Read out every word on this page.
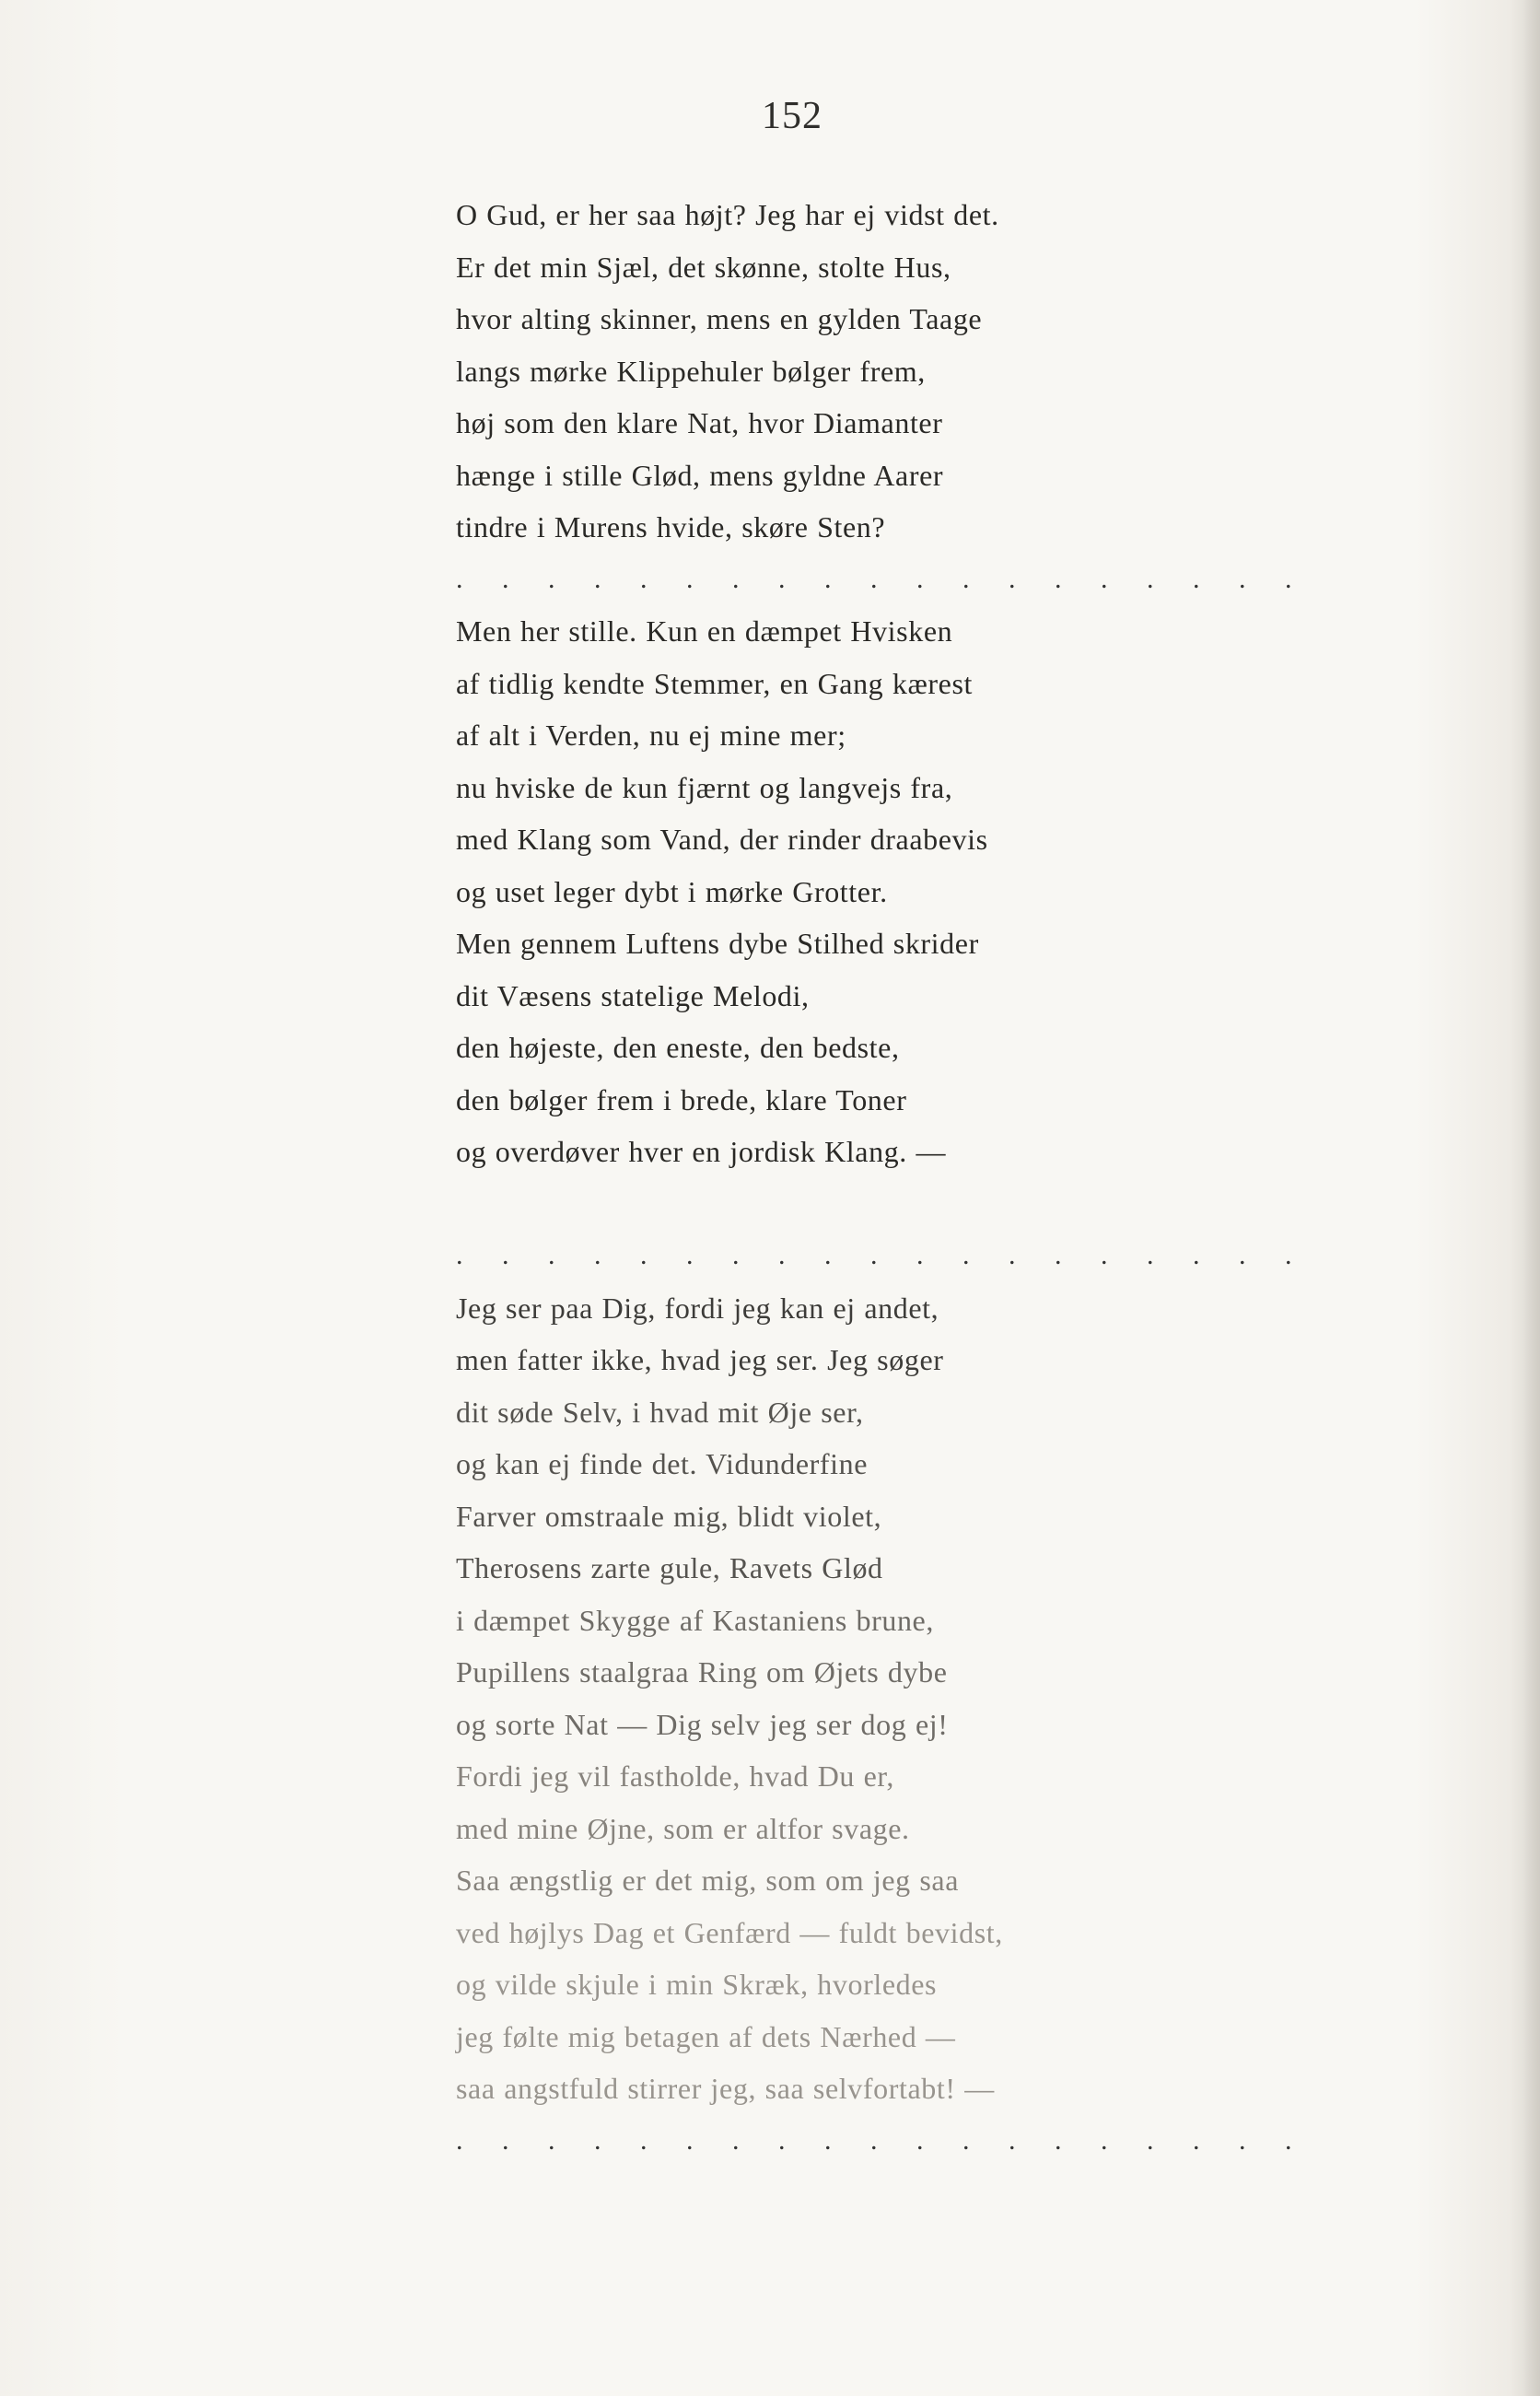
152
O Gud, er her saa højt? Jeg har ej vidst det.
Er det min Sjæl, det skønne, stolte Hus,
hvor alting skinner, mens en gylden Taage
langs mørke Klippehuler bølger frem,
høj som den klare Nat, hvor Diamanter
hænge i stille Glød, mens gyldne Aarer
tindre i Murens hvide, skøre Sten?
. . . . . . . . . . . . . . . . . . .
Men her stille. Kun en dæmpet Hvisken
af tidlig kendte Stemmer, en Gang kærest
af alt i Verden, nu ej mine mer;
nu hviske de kun fjærnt og langvejs fra,
med Klang som Vand, der rinder draabevis
og uset leger dybt i mørke Grotter.
Men gennem Luftens dybe Stilhed skrider
dit Væsens statelige Melodi,
den højeste, den eneste, den bedste,
den bølger frem i brede, klare Toner
og overdøver hver en jordisk Klang. —
. . . . . . . . . . . . . . . . . . .
Jeg ser paa Dig, fordi jeg kan ej andet,
men fatter ikke, hvad jeg ser. Jeg søger
dit søde Selv, i hvad mit Øje ser,
og kan ej finde det. Vidunderfine
Farver omstraale mig, blidt violet,
Therosens zarte gule, Ravets Glød
i dæmpet Skygge af Kastaniens brune,
Pupillens staalgraa Ring om Øjets dybe
og sorte Nat — Dig selv jeg ser dog ej!
Fordi jeg vil fastholde, hvad Du er,
med mine Øjne, som er altfor svage.
Saa ængstlig er det mig, som om jeg saa
ved højlys Dag et Genfærd — fuldt bevidst,
og vilde skjule i min Skræk, hvorledes
jeg følte mig betagen af dets Nærhed —
saa angstfuld stirrer jeg, saa selvfortabt! —
. . . . . . . . . . . . . . . . . . .
